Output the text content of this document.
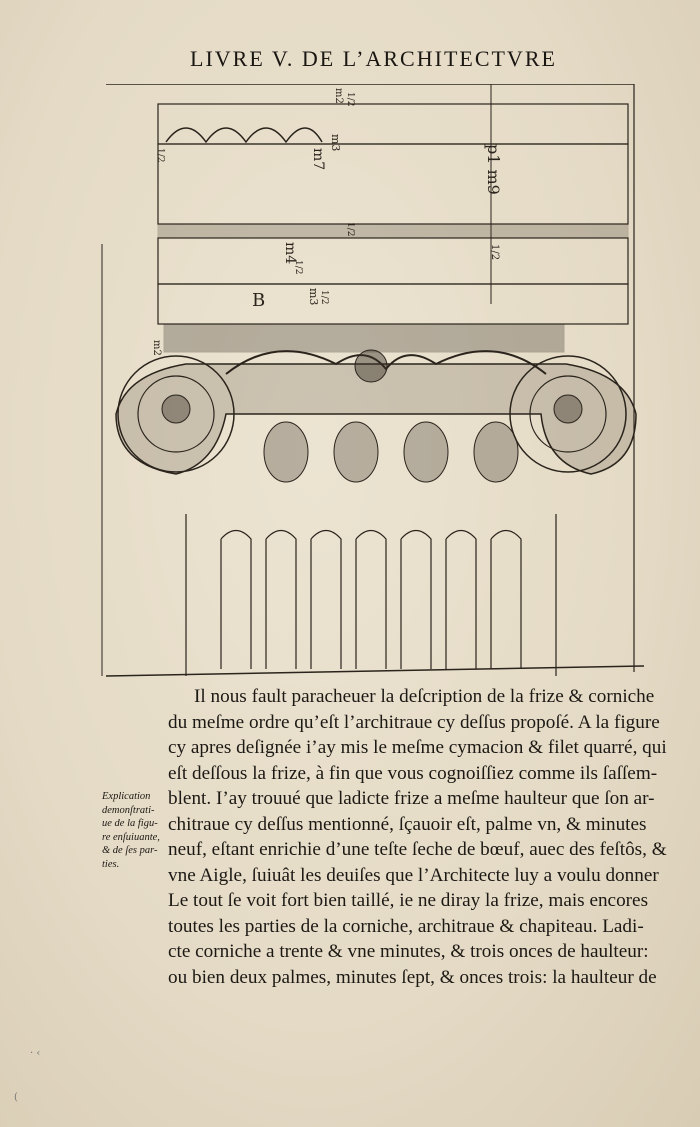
LIVRE V. DE L’ARCHITECTVRE
m3
m2
m7
m4
m3
m2
B
p1 m9
1/2
1/2
1/2
1/2
1/2
1/2
Explication
demonſtrati-
ue de la figu-
re enſuiuante,
& de ſes par-
ties.
Il nous fault paracheuer la deſcription de la frize & corniche
du meſme ordre qu’eſt l’architraue cy deſſus propoſé. A la figure
cy apres deſignée i’ay mis le meſme cymacion & filet quarré, qui
eſt deſſous la frize, à fin que vous cognoiſſiez comme ils ſaſſem-
blent. I’ay trouué que ladicte frize a meſme haulteur que ſon ar-
chitraue cy deſſus mentionné, ſçauoir eſt, palme vn, & minutes
neuf, eſtant enrichie d’une teſte ſeche de bœuf, auec des feſtôs, &
vne Aigle, ſuiuât les deuiſes que l’Architecte luy a voulu donner
Le tout ſe voit fort bien taillé, ie ne diray la frize, mais encores
toutes les parties de la corniche, architraue & chapiteau. Ladi-
cte corniche a trente & vne minutes, & trois onces de haulteur:
ou bien deux palmes, minutes ſept, & onces trois: la haulteur de
· ‹
(
